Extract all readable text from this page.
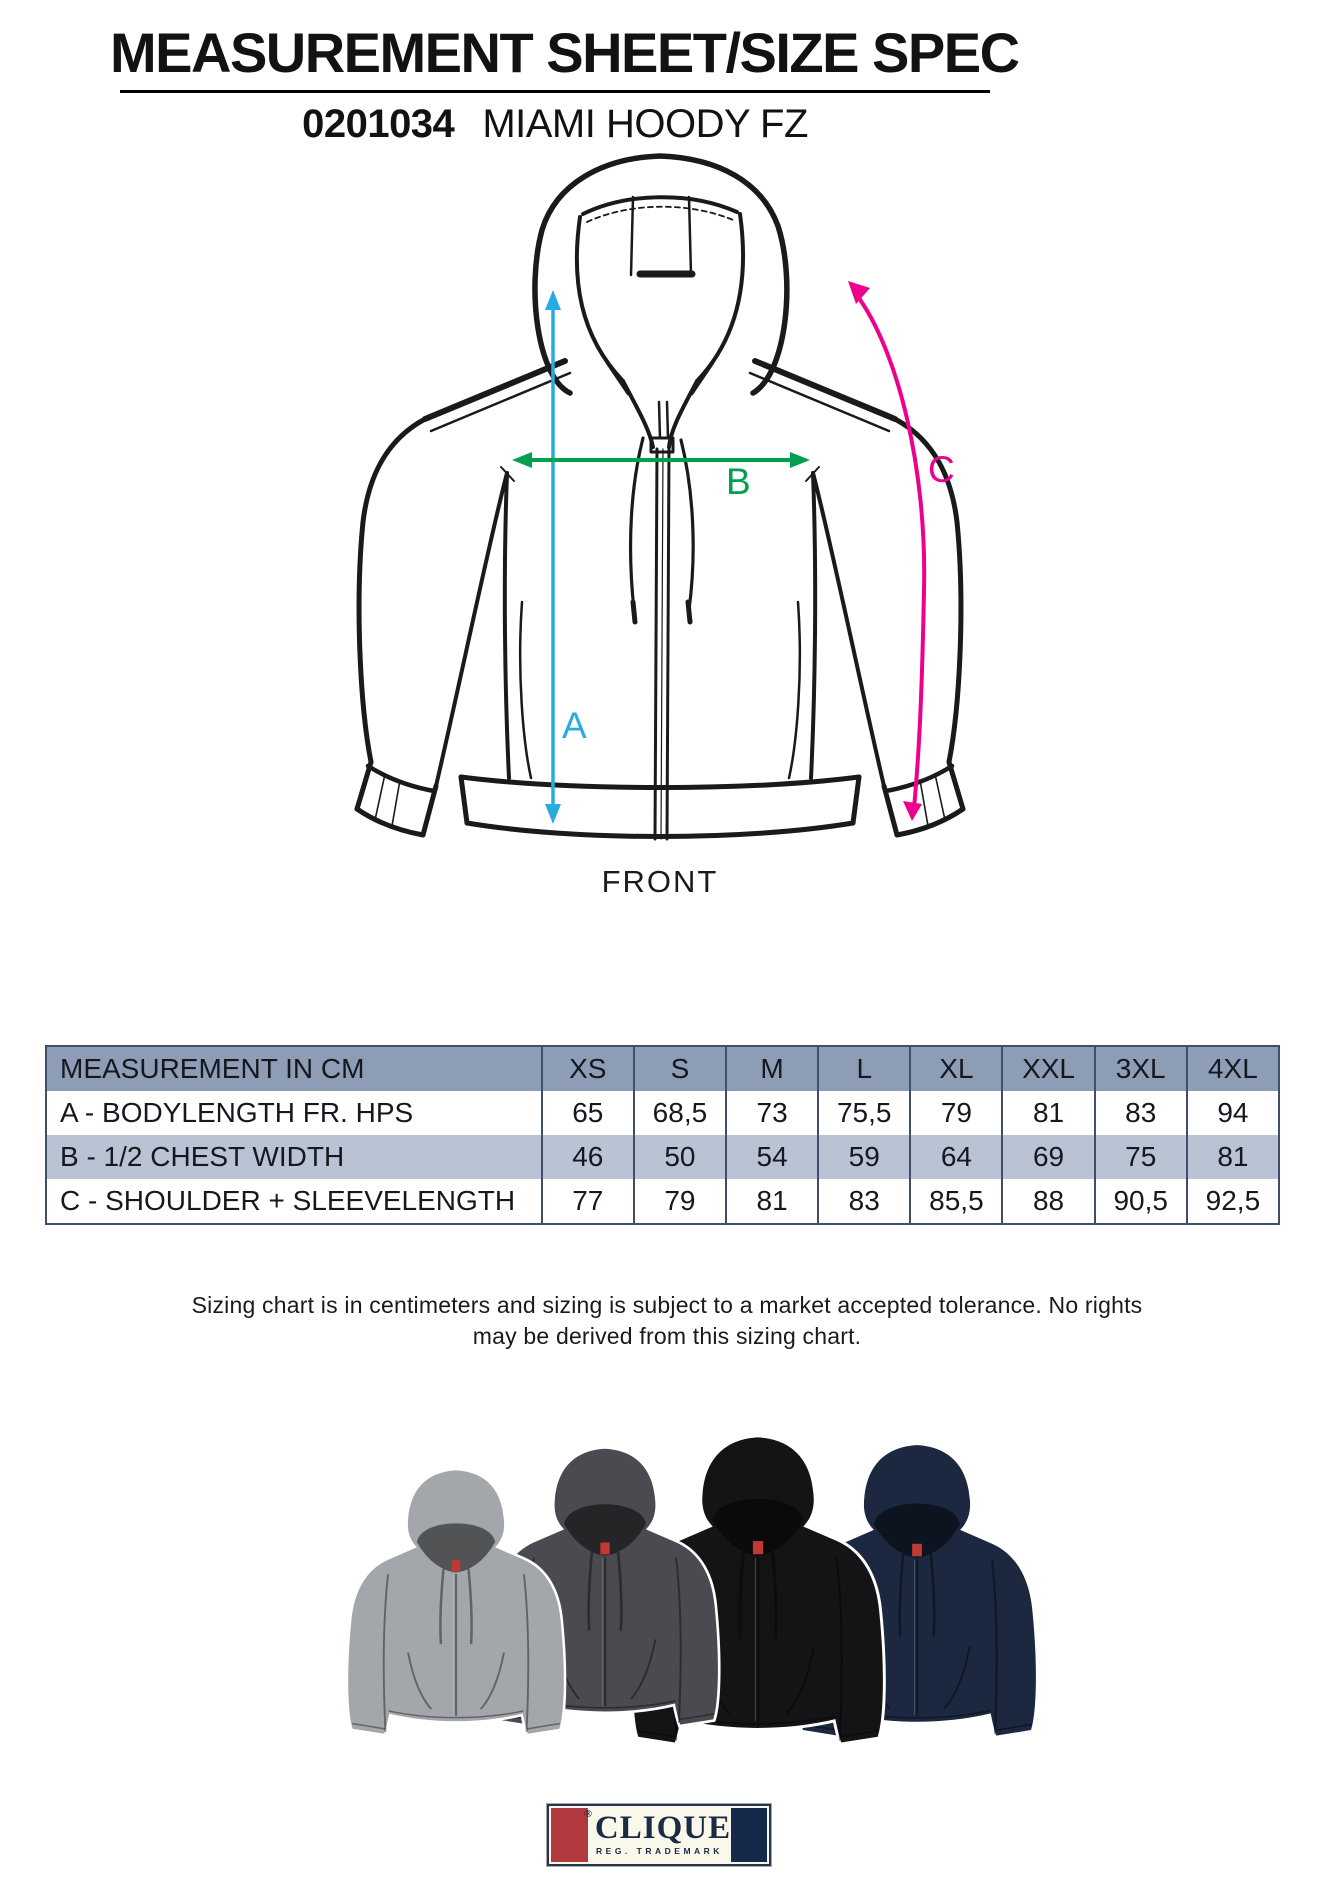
MEASUREMENT SHEET/SIZE SPEC
0201034 MIAMI HOODY FZ
A
B	C
FRONT
MEASUREMENT IN CM	XS	S	M	L	XL	XXL	3XL	4XL
A - BODYLENGTH FR. HPS	65	68,5	73	75,5	79	81	83	94
B - 1/2 CHEST WIDTH	46	50	54	59	64	69	75	81
C - SHOULDER + SLEEVELENGTH	77	79	81	83	85,5	88	90,5	92,5
Sizing chart is in centimeters and sizing is subject to a market accepted tolerance. No rights
may be derived from this sizing chart.
® CLIQUE
REG. TRADEMARK
